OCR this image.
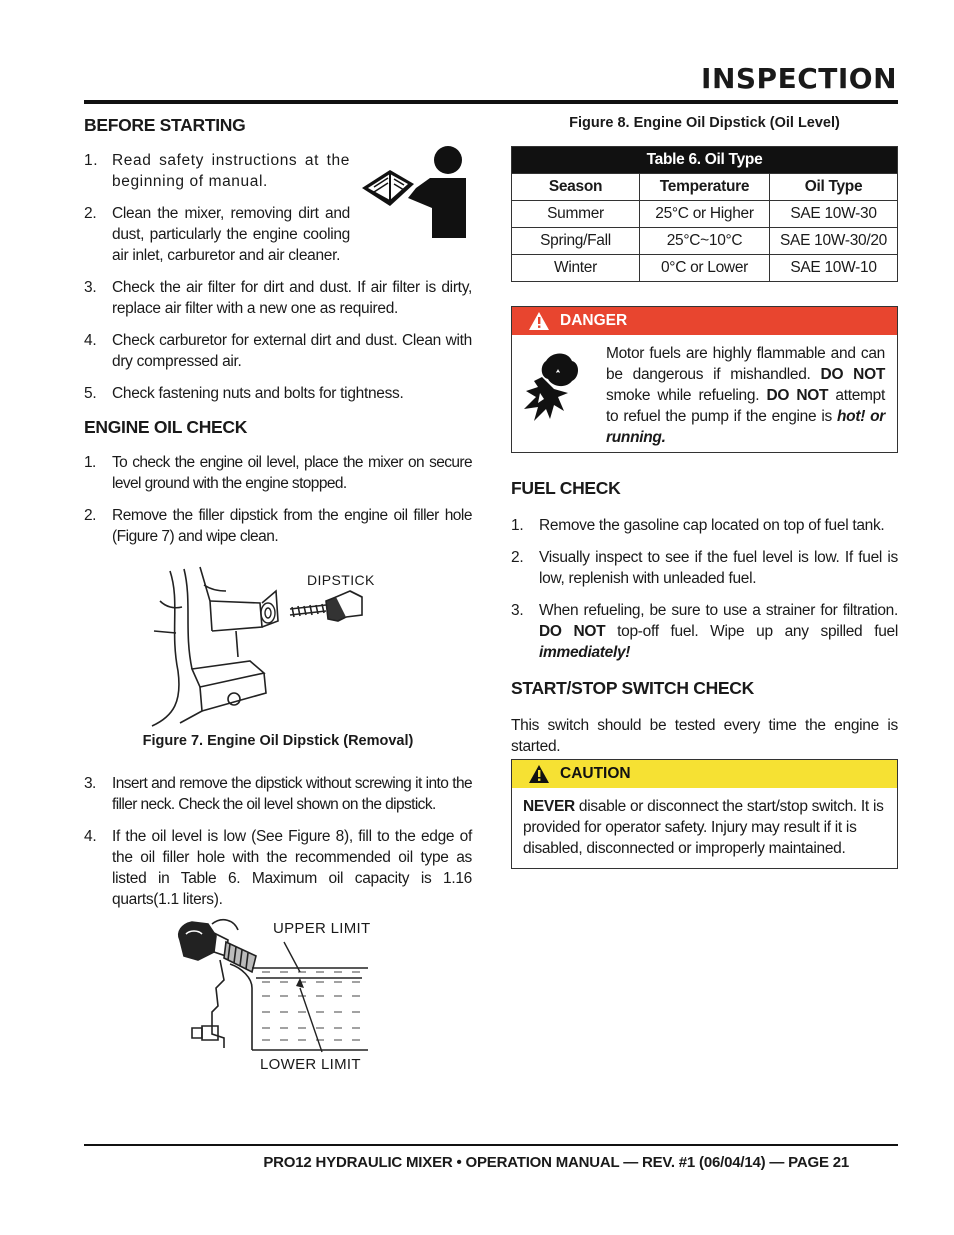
INSPECTION
BEFORE STARTING
1. Read safety instructions at the beginning of manual.
2. Clean the mixer, removing dirt and dust, particularly the engine cooling air inlet, carburetor and air cleaner.
3. Check the air filter for dirt and dust. If air filter is dirty, replace air filter with a new one as required.
4. Check carburetor for external dirt and dust. Clean with dry compressed air.
5. Check fastening nuts and bolts for tightness.
ENGINE OIL CHECK
1. To check the engine oil level, place the mixer on secure level ground with the engine stopped.
2. Remove the filler dipstick from the engine oil filler hole (Figure 7) and wipe clean.
DIPSTICK
Figure 7. Engine Oil Dipstick (Removal)
3. Insert and remove the dipstick without screwing it into the filler neck. Check the oil level shown on the dipstick.
4. If the oil level is low (See Figure 8), fill to the edge of the oil filler hole with the recommended oil type as listed in Table 6. Maximum oil capacity is 1.16 quarts(1.1 liters).
UPPER LIMIT
LOWER LIMIT
Figure 8. Engine Oil Dipstick (Oil Level)
Table 6. Oil Type		
Season	Temperature	Oil Type
Summer	25°C or Higher	SAE 10W-30
Spring/Fall	25°C~10°C	SAE 10W-30/20
Winter	0°C or Lower	SAE 10W-10
DANGER
Motor fuels are highly flammable and can be dangerous if mishandled. DO NOT smoke while refueling. DO NOT attempt to refuel the pump if the engine is hot! or running.
FUEL CHECK
1. Remove the gasoline cap located on top of fuel tank.
2. Visually inspect to see if the fuel level is low. If fuel is low, replenish with unleaded fuel.
3. When refueling, be sure to use a strainer for filtration. DO NOT top-off fuel. Wipe up any spilled fuel immediately!
START/STOP SWITCH CHECK

This switch should be tested every time the engine is started.

CAUTION
NEVER disable or disconnect the start/stop switch. It is provided for operator safety. Injury may result if it is disabled, disconnected or improperly maintained.
PRO12 HYDRAULIC MIXER • OPERATION MANUAL — REV. #1 (06/04/14) — PAGE 21
